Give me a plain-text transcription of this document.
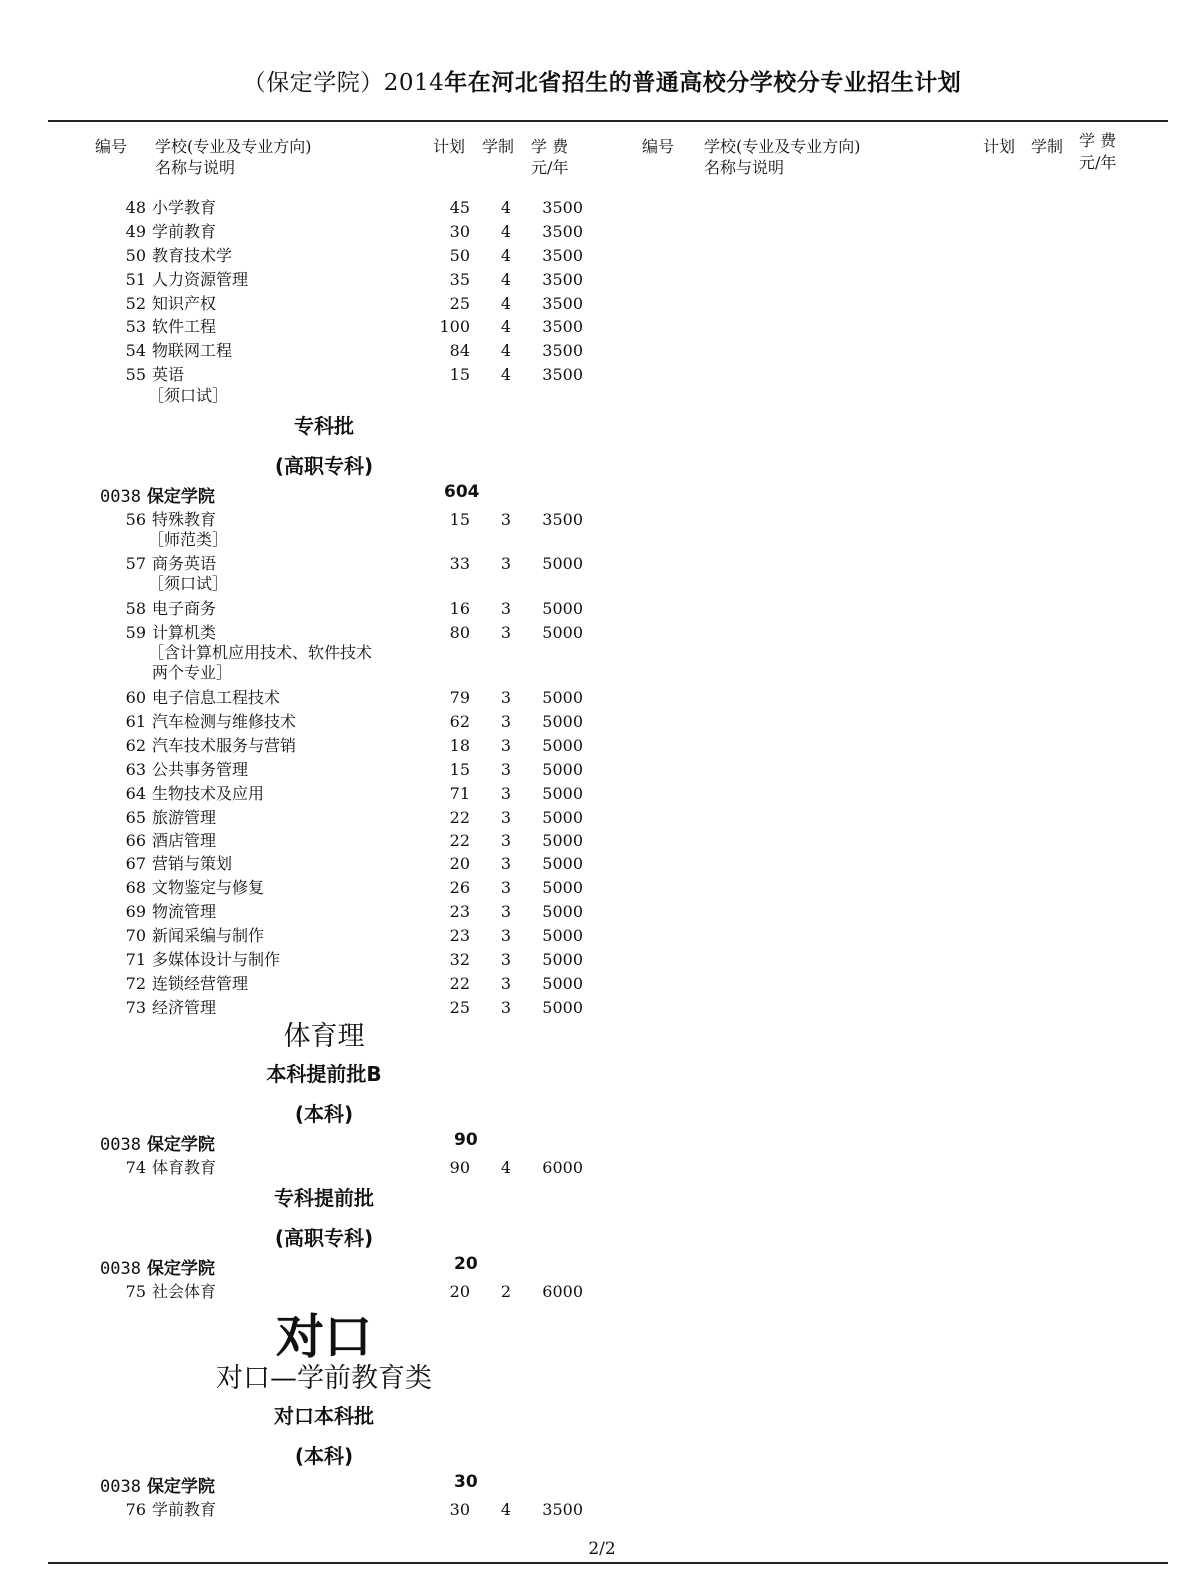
（保定学院）2014年在河北省招生的普通高校分学校分专业招生计划
编号 学校(专业及专业方向)
名称与说明
计划 学制 学 费
元/年
编号 学校(专业及专业方向)
名称与说明
计划 学制 学 费
元/年
48 小学教育	45	4	3500
49 学前教育	30	4	3500
50 教育技术学	50	4	3500
51 人力资源管理	35	4	3500
52 知识产权	25	4	3500
53 软件工程	100	4	3500
54 物联网工程	84	4	3500
55 英语	15	4	3500
［须口试］
专科批
(高职专科)
0038 保定学院	604
56 特殊教育	15	3	3500
［师范类］
57 商务英语	33	3	5000
［须口试］
58 电子商务	16	3	5000
59 计算机类	80	3	5000
［含计算机应用技术、软件技术
两个专业］
60 电子信息工程技术	79	3	5000
61 汽车检测与维修技术	62	3	5000
62 汽车技术服务与营销	18	3	5000
63 公共事务管理	15	3	5000
64 生物技术及应用	71	3	5000
65 旅游管理	22	3	5000
66 酒店管理	22	3	5000
67 营销与策划	20	3	5000
68 文物鉴定与修复	26	3	5000
69 物流管理	23	3	5000
70 新闻采编与制作	23	3	5000
71 多媒体设计与制作	32	3	5000
72 连锁经营管理	22	3	5000
73 经济管理	25	3	5000
体育理
本科提前批B
(本科)
0038 保定学院	90
74 体育教育	90	4	6000
专科提前批
(高职专科)
0038 保定学院	20
75 社会体育	20	2	6000
对口
对口—学前教育类
对口本科批
(本科)
0038 保定学院	30
76 学前教育	30	4	3500
2/2
